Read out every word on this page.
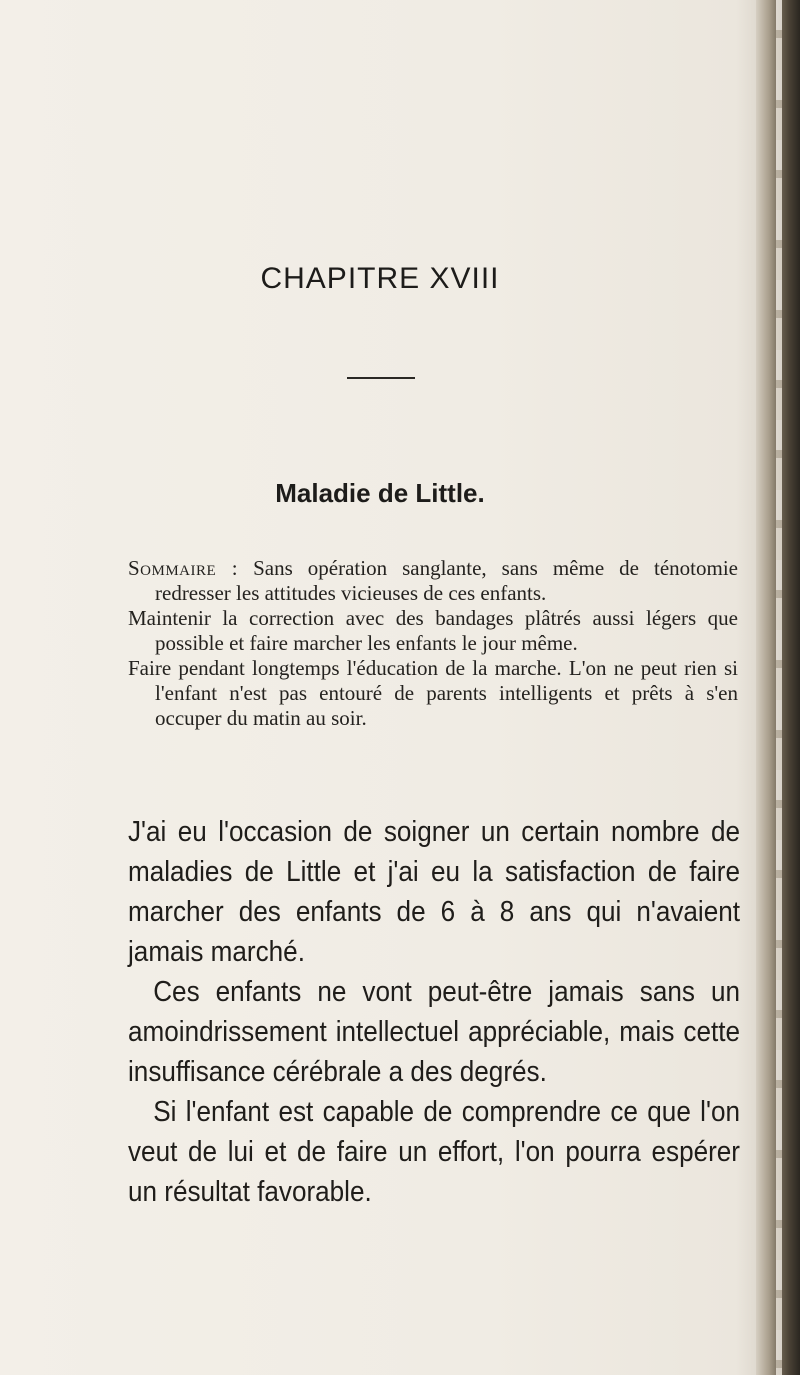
CHAPITRE XVIII
Maladie de Little.

Sommaire : Sans opération sanglante, sans même de ténotomie redresser les attitudes vicieuses de ces enfants.

Maintenir la correction avec des bandages plâtrés aussi légers que possible et faire marcher les enfants le jour même.

Faire pendant longtemps l'éducation de la marche. L'on ne peut rien si l'enfant n'est pas entouré de parents intelligents et prêts à s'en occuper du matin au soir.

J'ai eu l'occasion de soigner un certain nombre de maladies de Little et j'ai eu la satisfaction de faire marcher des enfants de 6 à 8 ans qui n'avaient jamais marché.

Ces enfants ne vont peut-être jamais sans un amoindrissement intellectuel appréciable, mais cette insuffisance cérébrale a des degrés.

Si l'enfant est capable de comprendre ce que l'on veut de lui et de faire un effort, l'on pourra espérer un résultat favorable.
